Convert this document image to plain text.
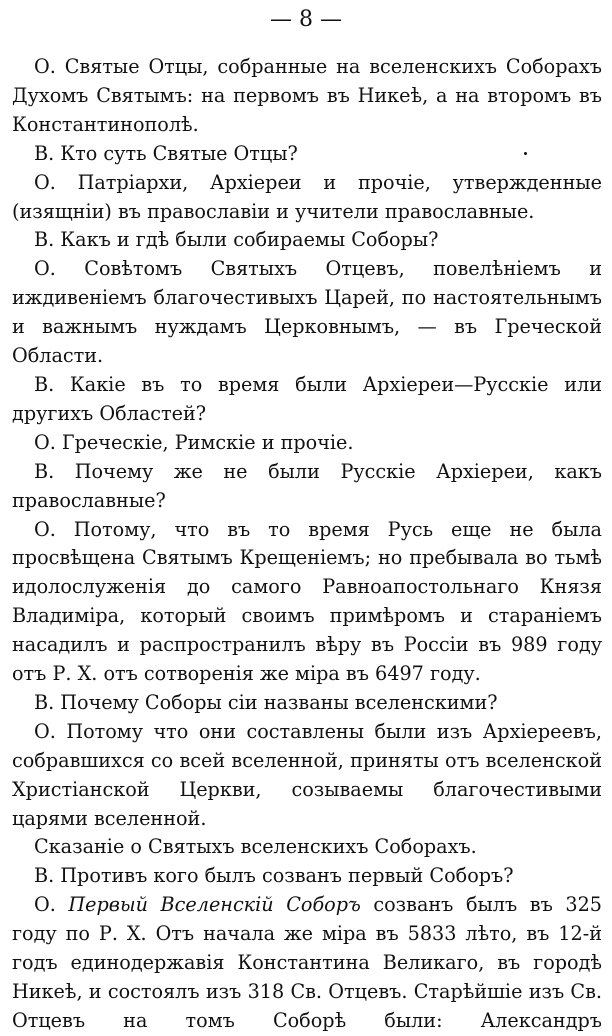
— 8 —

О. Святые Отцы, собранные на вселенскихъ Соборахъ Духомъ Святымъ: на первомъ въ Никеѣ, а на второмъ въ Константинополѣ.

В. Кто суть Святые Отцы?

О. Патріархи, Архіереи и прочіе, утвержденные (изящніи) въ православіи и учители православные.

В. Какъ и гдѣ были собираемы Соборы?

О. Совѣтомъ Святыхъ Отцевъ, повелѣніемъ и иждивеніемъ благочестивыхъ Царей, по настоятельнымъ и важнымъ нуждамъ Церковнымъ, — въ Греческой Области.

В. Какіе въ то время были Архіереи—Русскіе или другихъ Областей?

О. Греческіе, Римскіе и прочіе.

В. Почему же не были Русскіе Архіереи, какъ православные?

О. Потому, что въ то время Русь еще не была просвѣщена Святымъ Крещеніемъ; но пребывала во тьмѣ идолослуженія до самого Равноапостольнаго Князя Владиміра, который своимъ примѣромъ и стараніемъ насадилъ и распространилъ вѣру въ Россіи въ 989 году отъ Р. Х. отъ сотворенія же міра въ 6497 году.

В. Почему Соборы сіи названы вселенскими?

О. Потому что они составлены были изъ Архіереевъ, собравшихся со всей вселенной, приняты отъ вселенской Христіанской Церкви, созываемы благочестивыми царями вселенной.

Сказаніе о Святыхъ вселенскихъ Соборахъ.

В. Противъ кого былъ созванъ первый Соборъ?

О. Первый Вселенскій Соборъ созванъ былъ въ 325 году по Р. Х. Отъ начала же міра въ 5833 лѣто, въ 12-й годъ единодержавія Константина Великаго, въ городѣ Никеѣ, и состоялъ изъ 318 Св. Отцевъ. Старѣйшіе изъ Св. Отцевъ на томъ Соборѣ были: Александръ
